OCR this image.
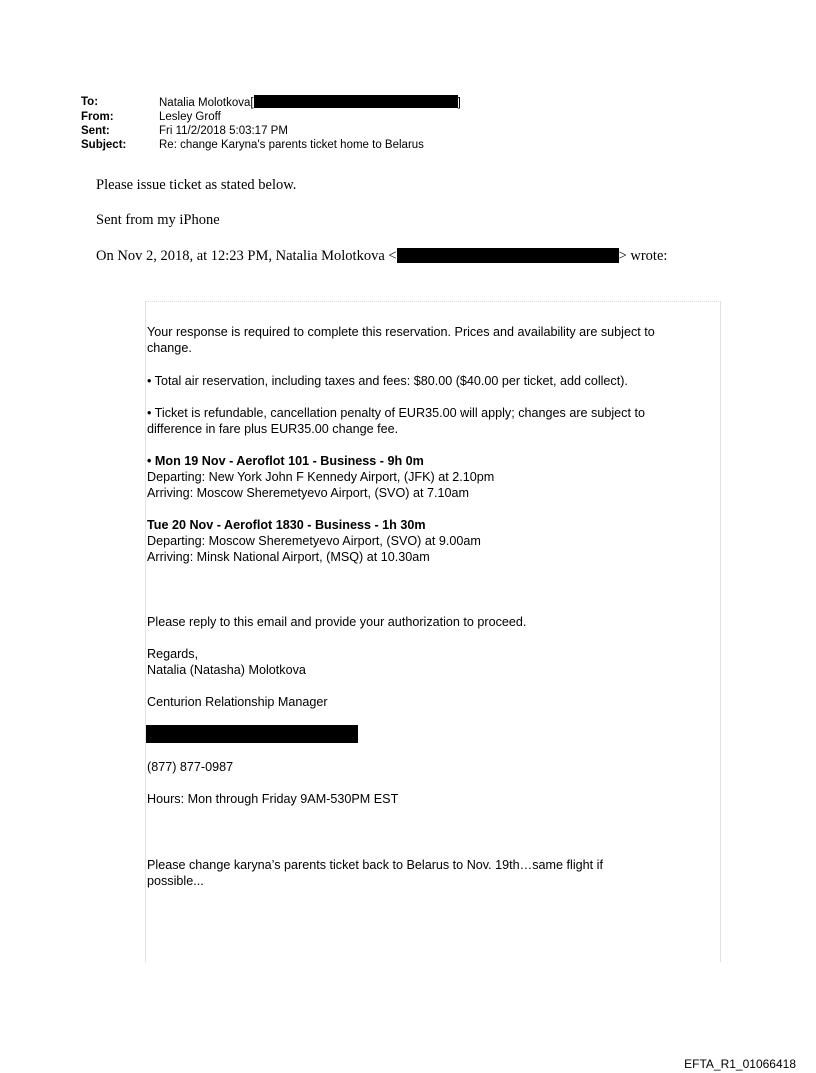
To:	Natalia Molotkova[	]
From:	Lesley Groff
Sent:	Fri 11/2/2018 5:03:17 PM
Subject:	Re: change Karyna's parents ticket home to Belarus
Please issue ticket as stated below.
Sent from my iPhone
On Nov 2, 2018, at 12:23 PM, Natalia Molotkova <	> wrote:
Your response is required to complete this reservation. Prices and availability are subject to
change.
• Total air reservation, including taxes and fees: $80.00 ($40.00 per ticket, add collect).
• Ticket is refundable, cancellation penalty of EUR35.00 will apply; changes are subject to
difference in fare plus EUR35.00 change fee.
• Mon 19 Nov - Aeroflot 101 - Business - 9h 0m
Departing: New York John F Kennedy Airport, (JFK) at 2.10pm
Arriving: Moscow Sheremetyevo Airport, (SVO) at 7.10am
Tue 20 Nov - Aeroflot 1830 - Business - 1h 30m
Departing: Moscow Sheremetyevo Airport, (SVO) at 9.00am
Arriving: Minsk National Airport, (MSQ) at 10.30am
Please reply to this email and provide your authorization to proceed.
Regards,
Natalia (Natasha) Molotkova
Centurion Relationship Manager
(877) 877-0987
Hours: Mon through Friday 9AM-530PM EST
Please change karyna’s parents ticket back to Belarus to Nov. 19th…same flight if
possible...
EFTA_R1_01066418
